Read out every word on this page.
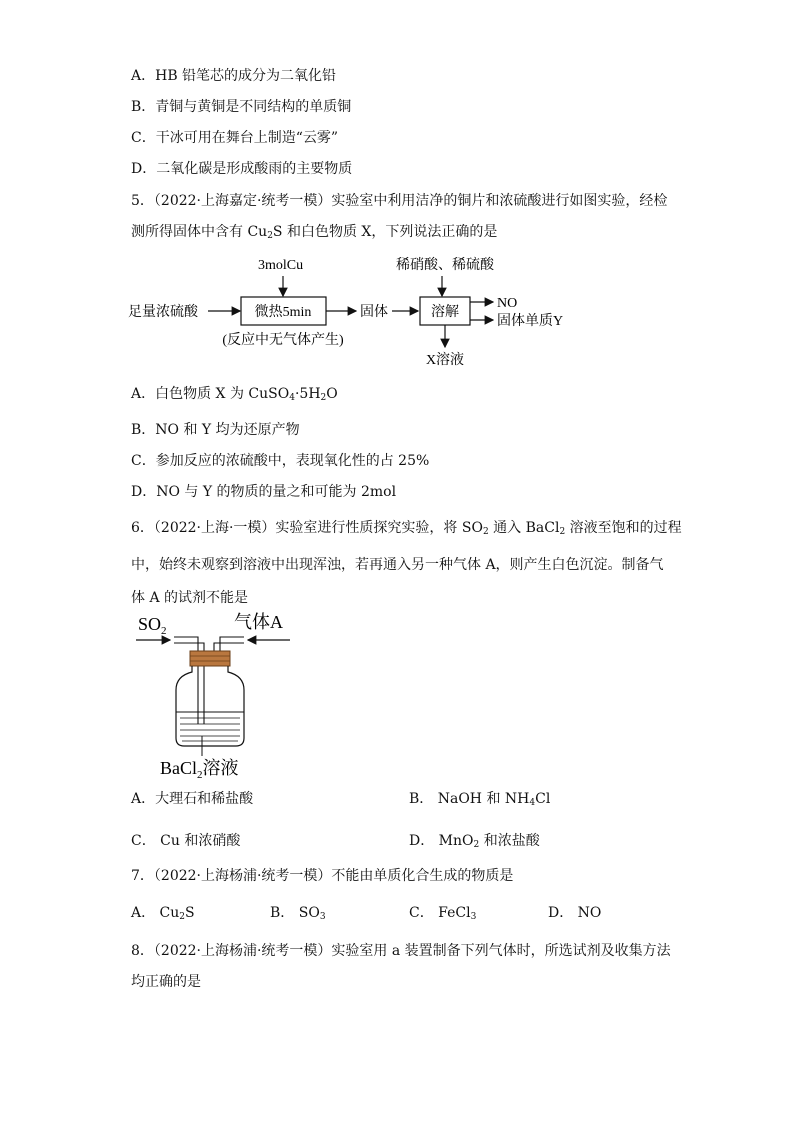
A．HB 铅笔芯的成分为二氧化铅
B．青铜与黄铜是不同结构的单质铜
C．干冰可用在舞台上制造“云雾”
D．二氧化碳是形成酸雨的主要物质
5．（2022·上海嘉定·统考一模）实验室中利用洁净的铜片和浓硫酸进行如图实验，经检
测所得固体中含有 $Cu_2S$ 和白色物质 X，下列说法正确的是
3molCu	稀硝酸、稀硫酸
足量浓硫酸	微热5min
(反应中无气体产生)
固体	溶解
NO
固体单质Y
X溶液
A．白色物质 X 为 $CuSO_4\cdot 5H_2O$
B．NO 和 Y 均为还原产物
C．参加反应的浓硫酸中，表现氧化性的占 25%
D．NO 与 Y 的物质的量之和可能为 2mol
6．（2022·上海·一模）实验室进行性质探究实验，将 $SO_2$ 通入 BaCl$_2$ 溶液至饱和的过程
中，始终未观察到溶液中出现浑浊，若再通入另一种气体 A，则产生白色沉淀。制备气
体 A 的试剂不能是
$SO_2$	气体A
BaCl$_2$溶液
A．大理石和稀盐酸	B． NaOH 和 $NH_4Cl$
C． Cu 和浓硝酸	D． MnO$_2$ 和浓盐酸
7．（2022·上海杨浦·统考一模）不能由单质化合生成的物质是
A． $Cu_2S$	B． $SO_3$	C． FeCl$_3$	D． NO
8．（2022·上海杨浦·统考一模）实验室用 a 装置制备下列气体时，所选试剂及收集方法
均正确的是
